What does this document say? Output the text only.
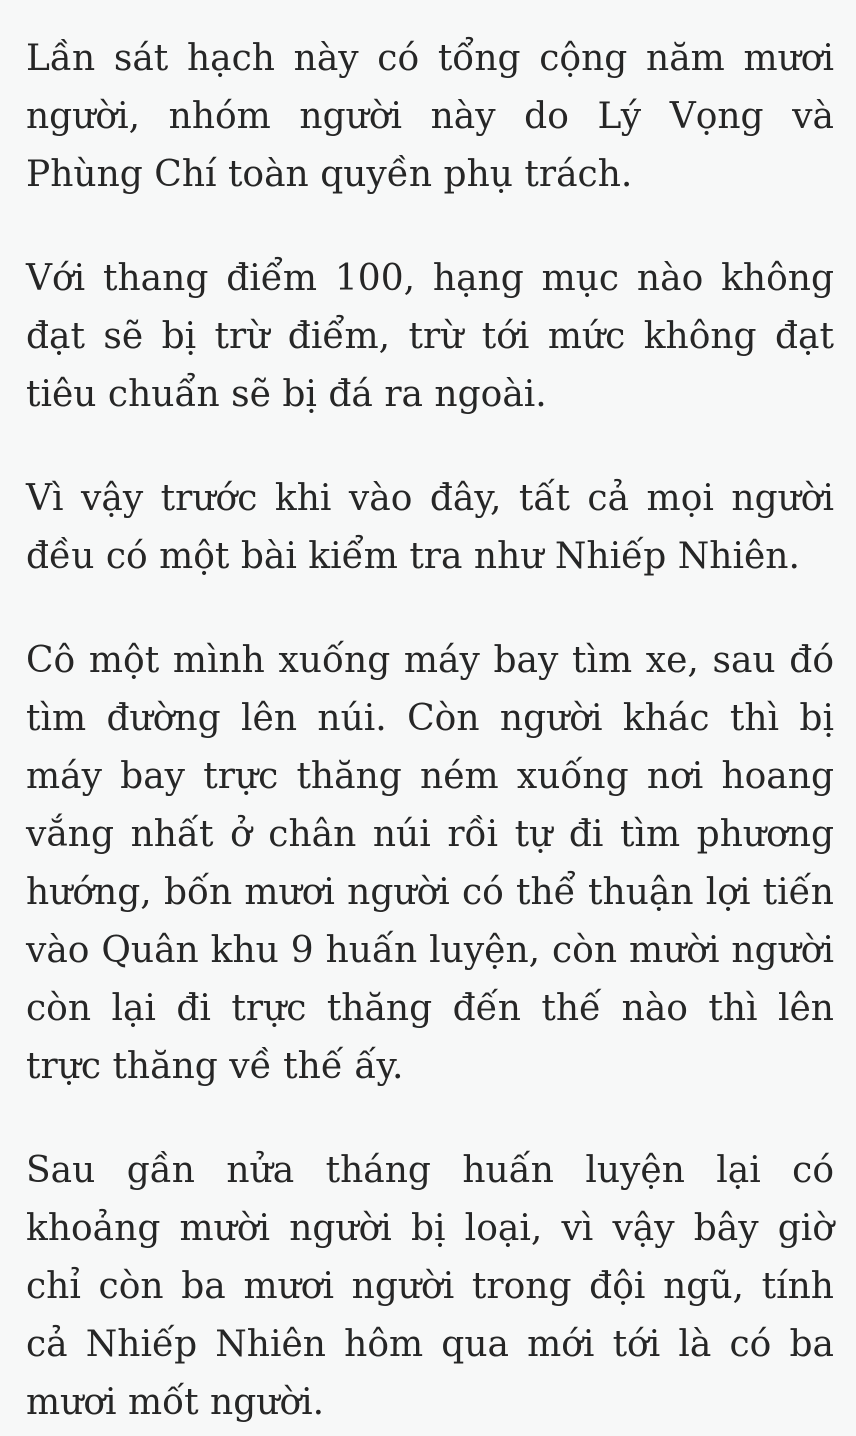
Lần sát hạch này có tổng cộng năm mươi người, nhóm người này do Lý Vọng và Phùng Chí toàn quyền phụ trách.

Với thang điểm 100, hạng mục nào không đạt sẽ bị trừ điểm, trừ tới mức không đạt tiêu chuẩn sẽ bị đá ra ngoài.

Vì vậy trước khi vào đây, tất cả mọi người đều có một bài kiểm tra như Nhiếp Nhiên.

Cô một mình xuống máy bay tìm xe, sau đó tìm đường lên núi. Còn người khác thì bị máy bay trực thăng ném xuống nơi hoang vắng nhất ở chân núi rồi tự đi tìm phương hướng, bốn mươi người có thể thuận lợi tiến vào Quân khu 9 huấn luyện, còn mười người còn lại đi trực thăng đến thế nào thì lên trực thăng về thế ấy.

Sau gần nửa tháng huấn luyện lại có khoảng mười người bị loại, vì vậy bây giờ chỉ còn ba mươi người trong đội ngũ, tính cả Nhiếp Nhiên hôm qua mới tới là có ba mươi mốt người.
